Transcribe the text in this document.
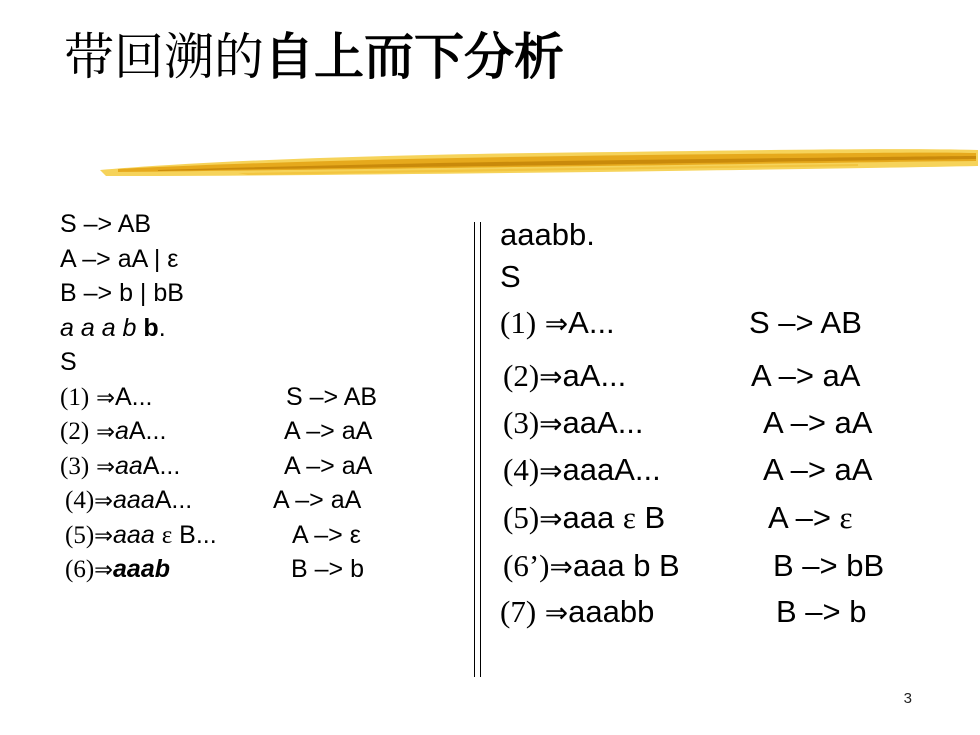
带回溯的自上而下分析
S –> AB
A –> aA | ε
B –> b | bB
a a a b b.
S
(1) ⇒A...	S –> AB
(2) ⇒aA...	A –> aA
(3) ⇒aaA...	A –> aA
(4)⇒aaaA...	A –> aA
(5)⇒aaa ε B...	A –> ε
(6)⇒aaab	B –> b
aaabb.
S
(1) ⇒A...	S –> AB
(2)⇒aA...	A –> aA
(3)⇒aaA...	A –> aA
(4)⇒aaaA...	A –> aA
(5)⇒aaa ε B	A –> ε
(6’)⇒aaa b B	B –> bB
(7) ⇒aaabb	B –> b
3
